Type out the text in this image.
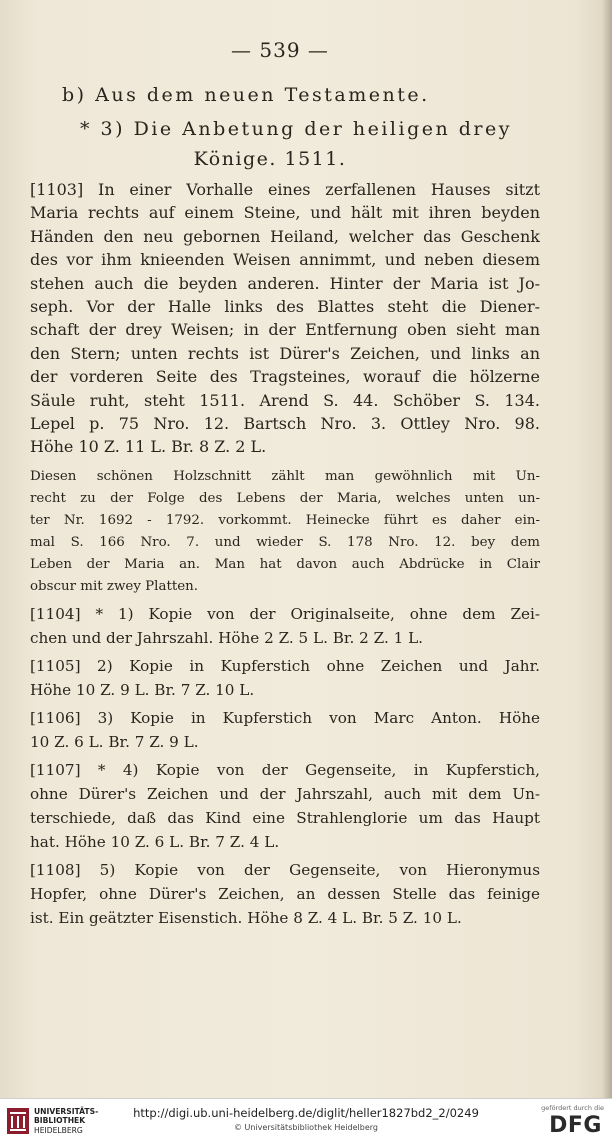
— 539 —
b) Aus dem neuen Testamente.
* 3) Die Anbetung der heiligen drey
Könige. 1511.
[1103] In einer Vorhalle eines zerfallenen Hauses sitzt
Maria rechts auf einem Steine, und hält mit ihren beyden
Händen den neu gebornen Heiland, welcher das Geschenk
des vor ihm knieenden Weisen annimmt, und neben diesem
stehen auch die beyden anderen. Hinter der Maria ist Jo-
seph. Vor der Halle links des Blattes steht die Diener-
schaft der drey Weisen; in der Entfernung oben sieht man
den Stern; unten rechts ist Dürer's Zeichen, und links an
der vorderen Seite des Tragsteines, worauf die hölzerne
Säule ruht, steht 1511. Arend S. 44. Schöber S. 134.
Lepel p. 75 Nro. 12. Bartsch Nro. 3. Ottley Nro. 98.
Höhe 10 Z. 11 L. Br. 8 Z. 2 L.
Diesen schönen Holzschnitt zählt man gewöhnlich mit Un-
recht zu der Folge des Lebens der Maria, welches unten un-
ter Nr. 1692 - 1792. vorkommt. Heinecke führt es daher ein-
mal S. 166 Nro. 7. und wieder S. 178 Nro. 12. bey dem
Leben der Maria an. Man hat davon auch Abdrücke in Clair
obscur mit zwey Platten.
[1104] * 1) Kopie von der Originalseite, ohne dem Zei-
chen und der Jahrszahl. Höhe 2 Z. 5 L. Br. 2 Z. 1 L.
[1105] 2) Kopie in Kupferstich ohne Zeichen und Jahr.
Höhe 10 Z. 9 L. Br. 7 Z. 10 L.
[1106] 3) Kopie in Kupferstich von Marc Anton. Höhe
10 Z. 6 L. Br. 7 Z. 9 L.
[1107] * 4) Kopie von der Gegenseite, in Kupferstich,
ohne Dürer's Zeichen und der Jahrszahl, auch mit dem Un-
terschiede, daß das Kind eine Strahlenglorie um das Haupt
hat. Höhe 10 Z. 6 L. Br. 7 Z. 4 L.
[1108] 5) Kopie von der Gegenseite, von Hieronymus
Hopfer, ohne Dürer's Zeichen, an dessen Stelle das feinige
ist. Ein geätzter Eisenstich. Höhe 8 Z. 4 L. Br. 5 Z. 10 L.
UNIVERSITÄTS-
BIBLIOTHEK
HEIDELBERG
http://digi.ub.uni-heidelberg.de/diglit/heller1827bd2_2/0249
© Universitätsbibliothek Heidelberg
gefördert durch die
DFG
